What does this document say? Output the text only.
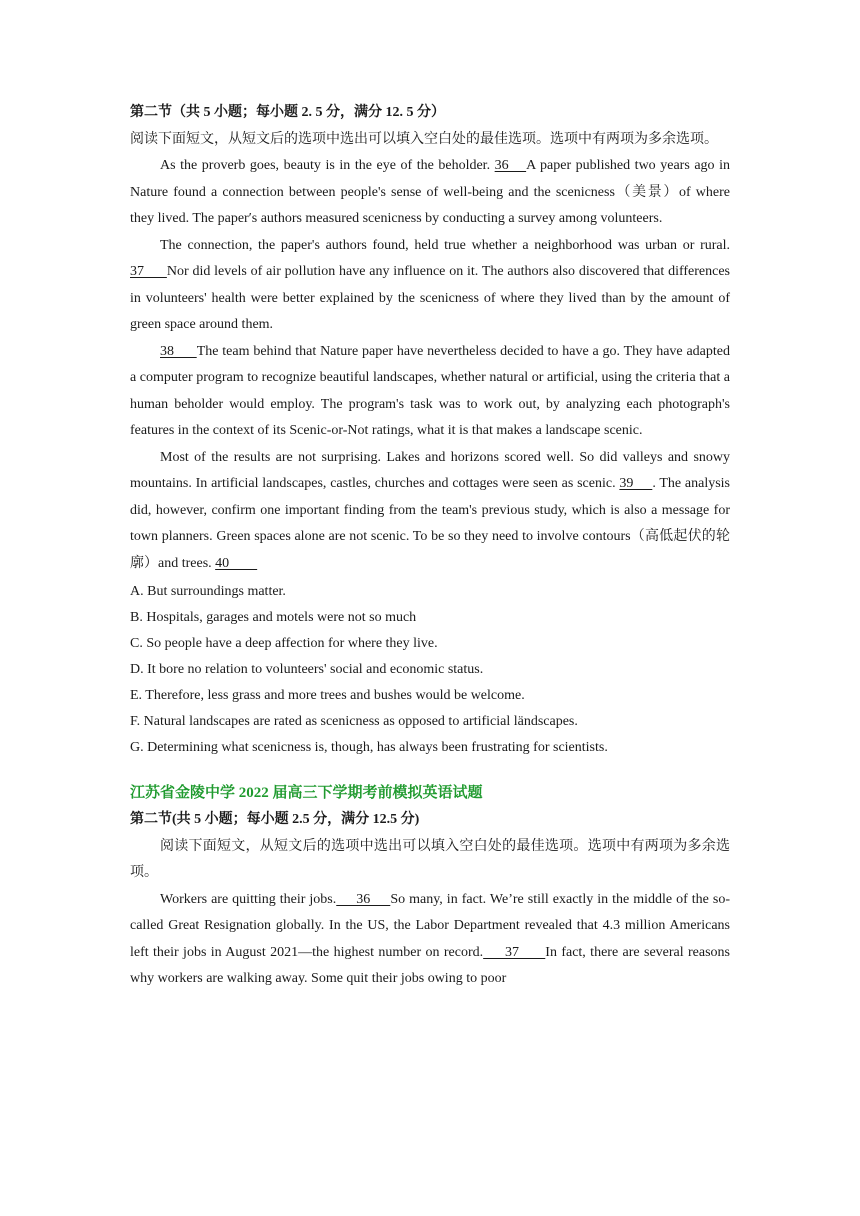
第二节（共 5 小题；每小题 2. 5 分，满分 12. 5 分）

阅读下面短文，从短文后的选项中选出可以填入空白处的最佳选项。选项中有两项为多余选项。

As the proverb goes, beauty is in the eye of the beholder. 36    A paper published two years ago in Nature found a connection between people's sense of well-being and the scenicness（美景）of where they lived. The paper′s authors measured scenicness by conducting a survey among volunteers.

The connection, the paper's authors found, held true whether a neighborhood was urban or rural. 37      Nor did levels of air pollution have any influence on it. The authors also discovered that differences in volunteers' health were better explained by the scenicness of where they lived than by the amount of green space around them.

38      The team behind that Nature paper have nevertheless decided to have a go. They have adapted a computer program to recognize beautiful landscapes, whether natural or artificial, using the criteria that a human beholder would employ. The program's task was to work out, by analyzing each photograph's features in the context of its Scenic-or-Not ratings, what it is that makes a landscape scenic.

Most of the results are not surprising. Lakes and horizons scored well. So did valleys and snowy mountains. In artificial landscapes, castles, churches and cottages were seen as scenic. 39     . The analysis did, however, confirm one important finding from the team's previous study, which is also a message for town planners. Green spaces alone are not scenic. To be so they need to involve contours（高低起伏的轮廓）and trees. 40

A. But surroundings matter.

B. Hospitals, garages and motels were not so much

C. So people have a deep affection for where they live.

D. It bore no relation to volunteers' social and economic status.

E. Therefore, less grass and more trees and bushes would be welcome.

F. Natural landscapes are rated as scenicness as opposed to artificial ländscapes.

G. Determining what scenicness is, though, has always been frustrating for scientists.

江苏省金陵中学 2022 届高三下学期考前模拟英语试题

第二节(共 5 小题；每小题 2.5 分，满分 12.5 分)

阅读下面短文，从短文后的选项中选出可以填入空白处的最佳选项。选项中有两项为多余选项。

Workers are quitting their jobs.     36     So many, in fact. We’re still exactly in the middle of the so-called Great Resignation globally. In the US, the Labor Department revealed that 4.3 million Americans left their jobs in August 2021—the highest number on record.     37      In fact, there are several reasons why workers are walking away. Some quit their jobs owing to poor
